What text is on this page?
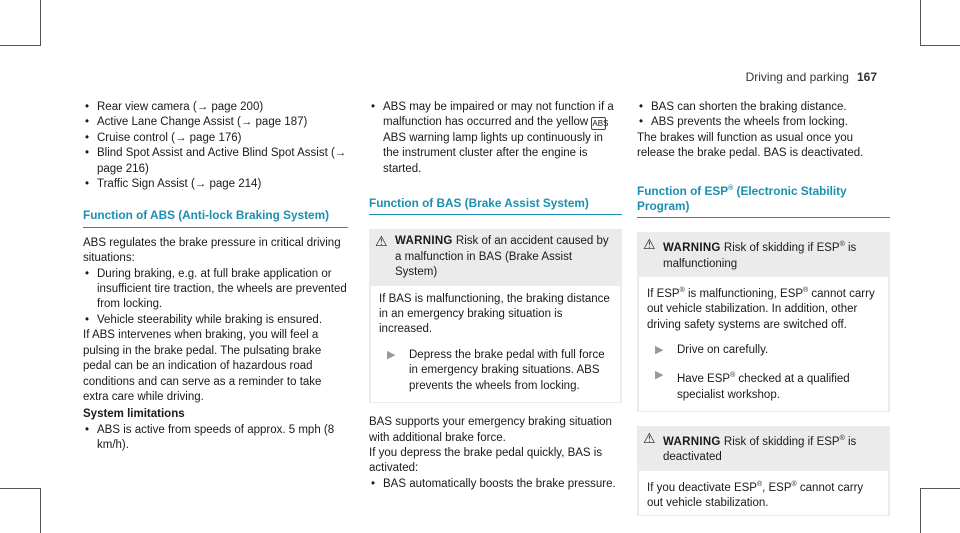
Driving and parking 167
• Rear view camera (→ page 200)
• Active Lane Change Assist (→ page 187)
• Cruise control (→ page 176)
• Blind Spot Assist and Active Blind Spot Assist (→ page 216)
• Traffic Sign Assist (→ page 214)
Function of ABS (Anti-lock Braking System)

ABS regulates the brake pressure in critical driving situations:

• During braking, e.g. at full brake application or insufficient tire traction, the wheels are prevented from locking.
• Vehicle steerability while braking is ensured.

If ABS intervenes when braking, you will feel a pulsing in the brake pedal. The pulsating brake pedal can be an indication of hazardous road conditions and can serve as a reminder to take extra care while driving.

System limitations

• ABS is active from speeds of approx. 5 mph (8 km/h).
• ABS may be impaired or may not function if a malfunction has occurred and the yellow ABS ABS warning lamp lights up continuously in the instrument cluster after the engine is started.
Function of BAS (Brake Assist System)
⚠ WARNING Risk of an accident caused by a malfunction in BAS (Brake Assist System)

If BAS is malfunctioning, the braking distance in an emergency braking situation is increased.

▶ Depress the brake pedal with full force in emergency braking situations. ABS prevents the wheels from locking.

BAS supports your emergency braking situation with additional brake force.

If you depress the brake pedal quickly, BAS is activated:

• BAS automatically boosts the brake pressure.
• BAS can shorten the braking distance.
• ABS prevents the wheels from locking.

The brakes will function as usual once you release the brake pedal. BAS is deactivated.

Function of ESP® (Electronic Stability Program)
⚠ WARNING Risk of skidding if ESP® is malfunctioning

If ESP® is malfunctioning, ESP® cannot carry out vehicle stabilization. In addition, other driving safety systems are switched off.

▶ Drive on carefully.
▶ Have ESP® checked at a qualified specialist workshop.
⚠ WARNING Risk of skidding if ESP® is deactivated

If you deactivate ESP®, ESP® cannot carry out vehicle stabilization.
